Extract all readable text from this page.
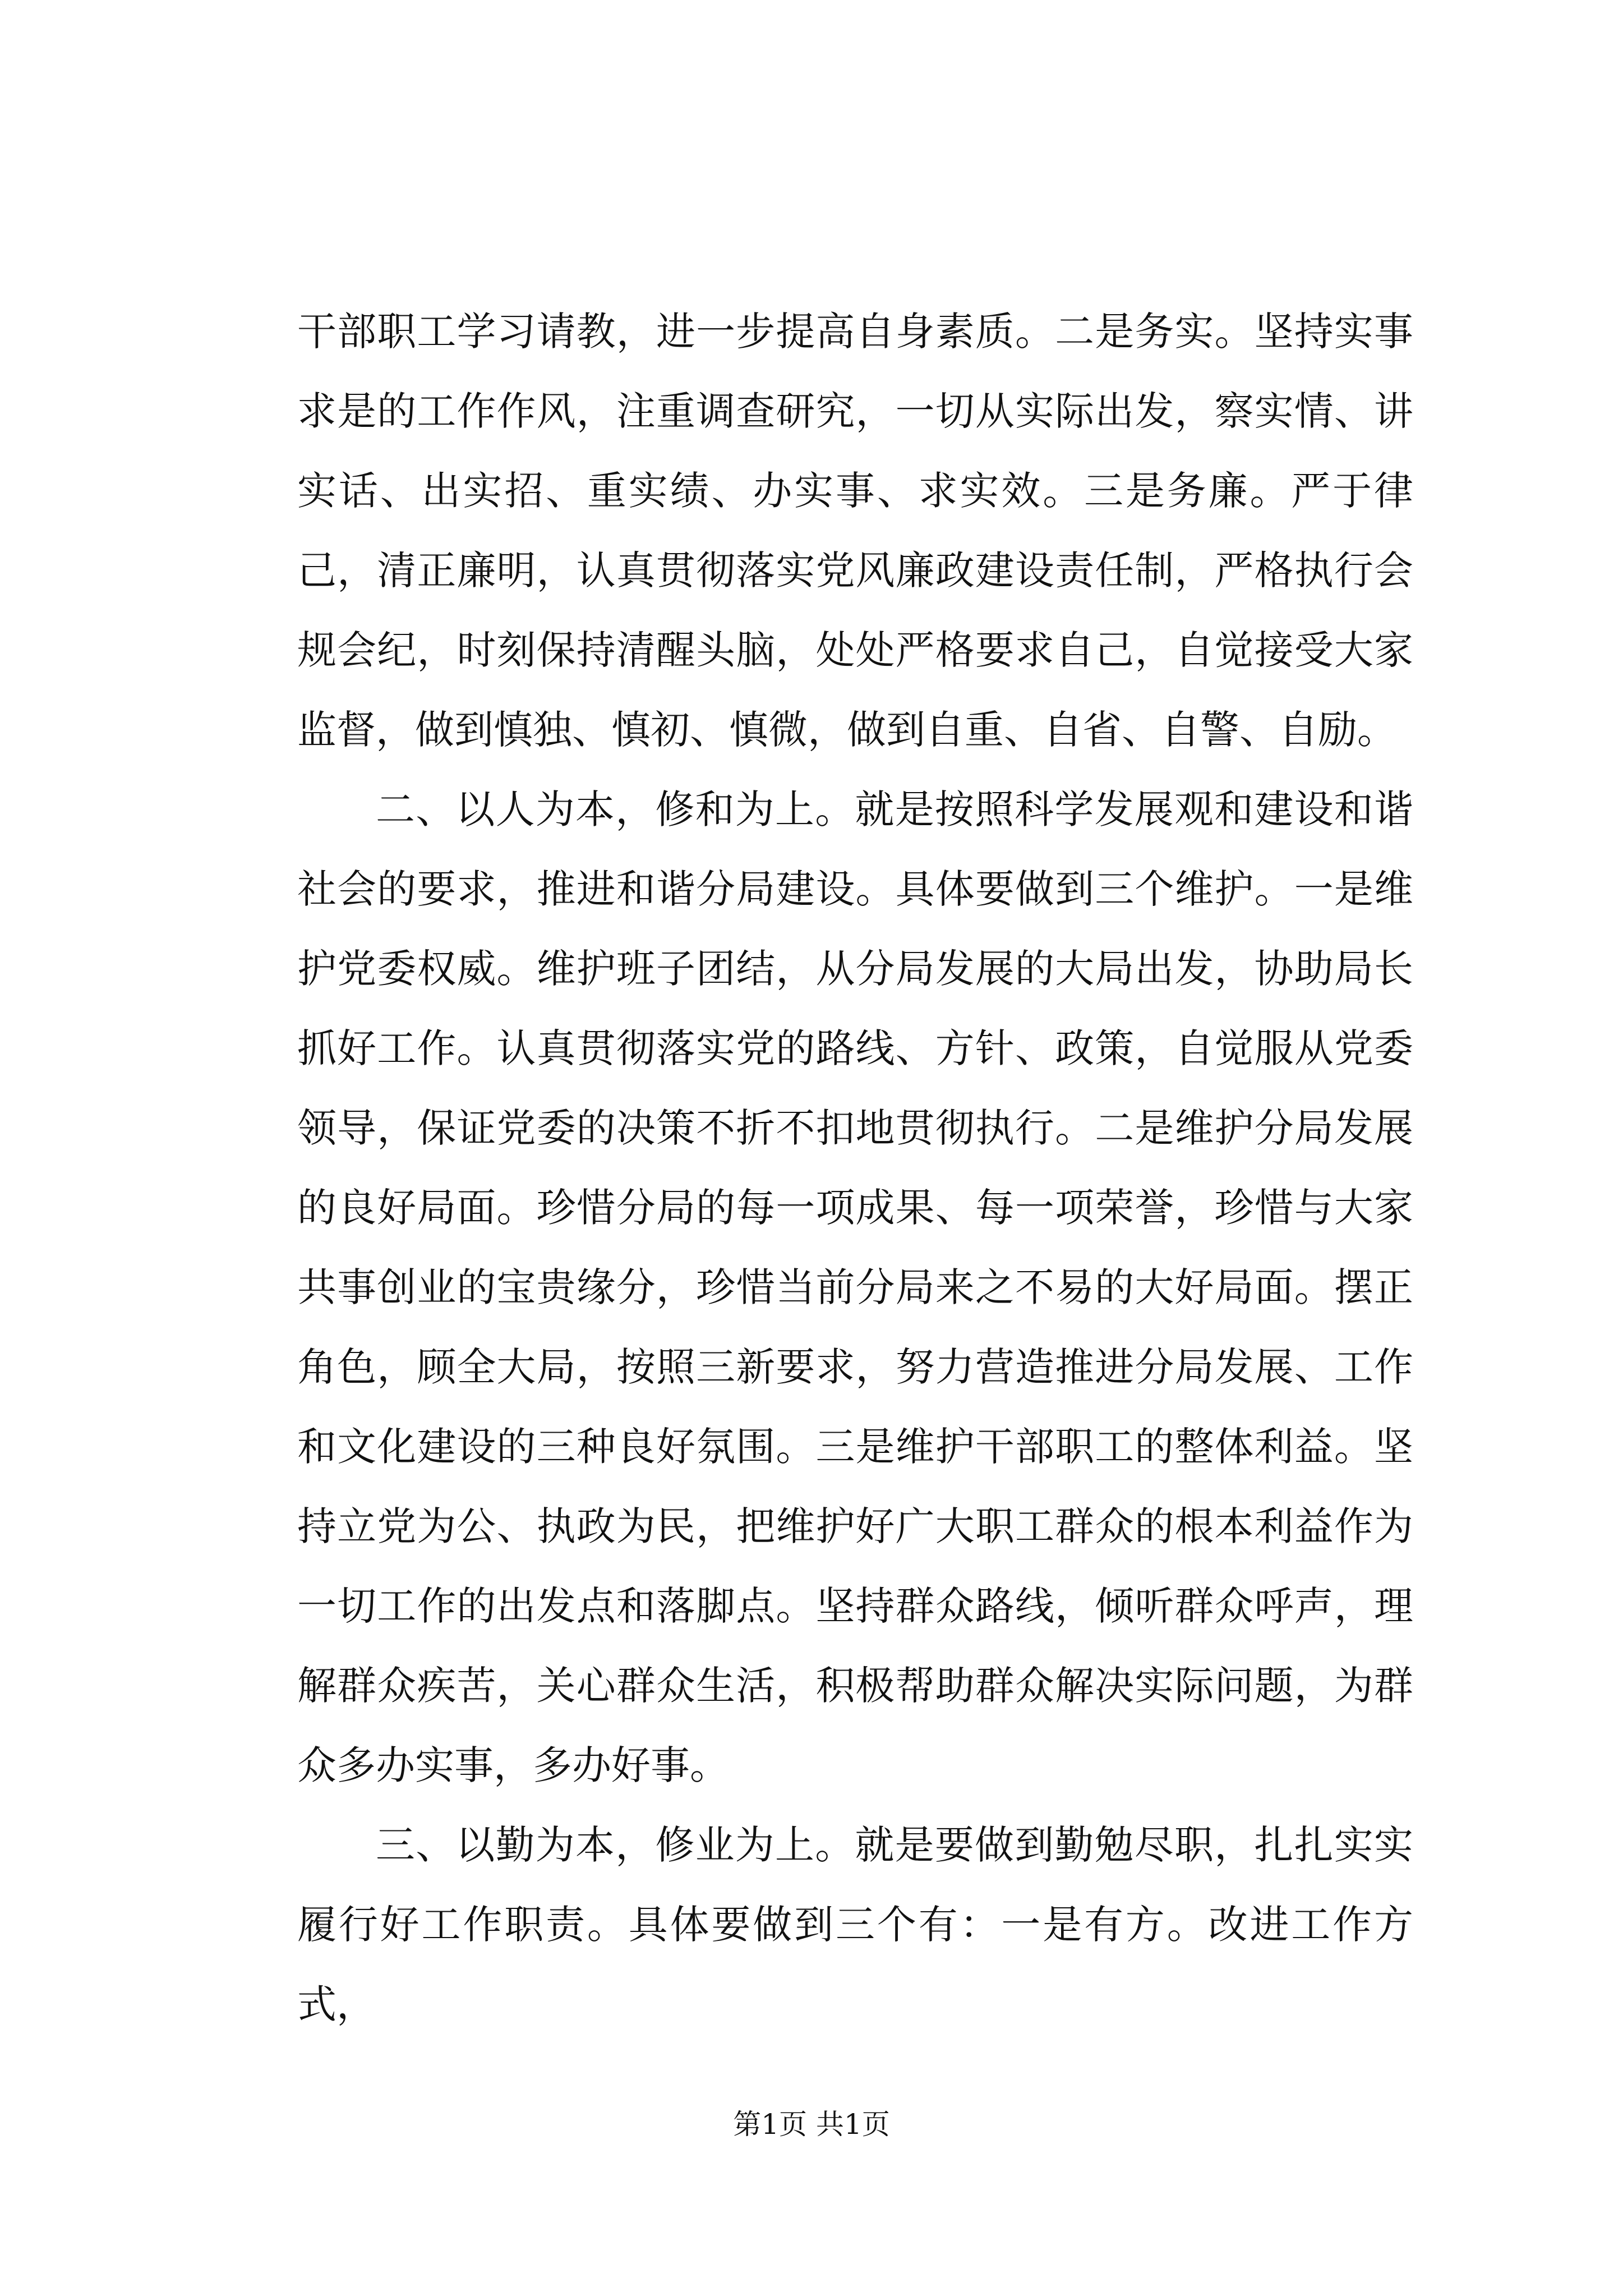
干部职工学习请教，进一步提高自身素质。二是务实。坚持实事求是的工作作风，注重调查研究，一切从实际出发，察实情、讲实话、出实招、重实绩、办实事、求实效。三是务廉。严于律己，清正廉明，认真贯彻落实党风廉政建设责任制，严格执行会规会纪，时刻保持清醒头脑，处处严格要求自己，自觉接受大家监督，做到慎独、慎初、慎微，做到自重、自省、自警、自励。

二、以人为本，修和为上。就是按照科学发展观和建设和谐社会的要求，推进和谐分局建设。具体要做到三个维护。一是维护党委权威。维护班子团结，从分局发展的大局出发，协助局长抓好工作。认真贯彻落实党的路线、方针、政策，自觉服从党委领导，保证党委的决策不折不扣地贯彻执行。二是维护分局发展的良好局面。珍惜分局的每一项成果、每一项荣誉，珍惜与大家共事创业的宝贵缘分，珍惜当前分局来之不易的大好局面。摆正角色，顾全大局，按照三新要求，努力营造推进分局发展、工作和文化建设的三种良好氛围。三是维护干部职工的整体利益。坚持立党为公、执政为民，把维护好广大职工群众的根本利益作为一切工作的出发点和落脚点。坚持群众路线，倾听群众呼声，理解群众疾苦，关心群众生活，积极帮助群众解决实际问题，为群众多办实事，多办好事。

三、以勤为本，修业为上。就是要做到勤勉尽职，扎扎实实履行好工作职责。具体要做到三个有：一是有方。改进工作方式，

第1页 共1页
